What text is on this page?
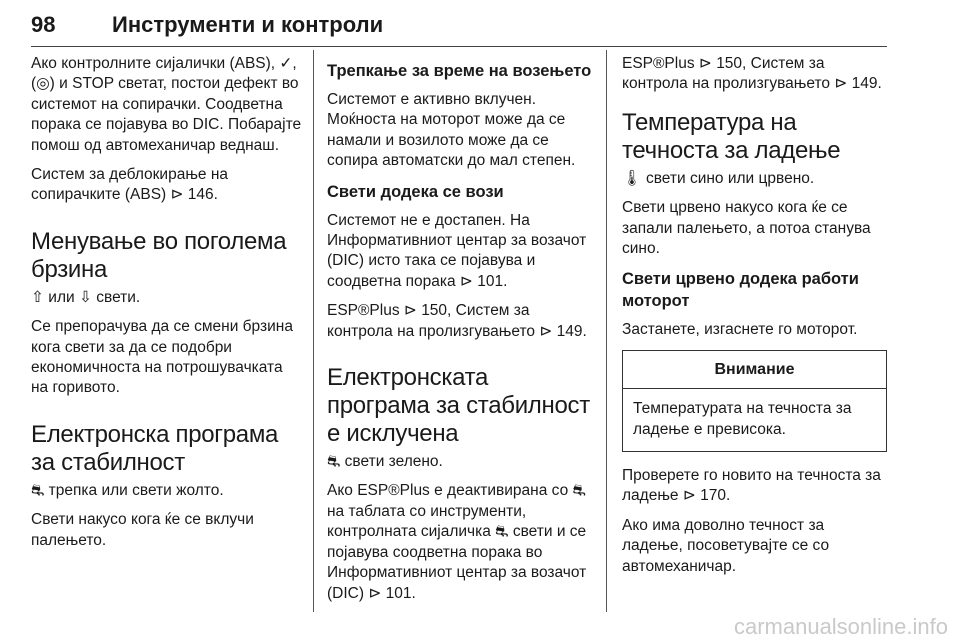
98	Инструменти и контроли

Ако контролните сијалички (ABS), ✓, (◎) и STOP светат, постои дефект во системот на сопирачки. Соодветна порака се појавува во DIC. Побарајте помош од автомеханичар веднаш.

Систем за деблокирање на сопирачките (ABS) ⊳ 146.

Менување во поголема брзина

⇧ или ⇩ свети.

Се препорачува да се смени брзина кога свети за да се подобри економичноста на потрошувачката на горивото.

Електронска програма за стабилност

⛐ трепка или свети жолто.

Свети накусо кога ќе се вклучи палењето.

Трепкање за време на возењето

Системот е активно вклучен. Моќноста на моторот може да се намали и возилото може да се сопира автоматски до мал степен.

Свети додека се вози

Системот не е достапен. На Информативниот центар за возачот (DIC) исто така се појавува и соодветна порака ⊳ 101.

ESP®Plus ⊳ 150, Систем за контрола на пролизгувањето ⊳ 149.

Електронската програма за стабилност е исклучена

⛐ свети зелено.

Ако ESP®Plus е деактивирана со ⛐ на таблата со инструменти, контролната сијаличка ⛐ свети и се појавува соодветна порака во Информативниот центар за возачот (DIC) ⊳ 101.

ESP®Plus ⊳ 150, Систем за контрола на пролизгувањето ⊳ 149.

Температура на течноста за ладење

🌡 свети сино или црвено.

Свети црвено накусо кога ќе се запали палењето, а потоа станува сино.

Свети црвено додека работи моторот

Застанете, изгаснете го моторот.

Внимание
Температурата на течноста за ладење е превисока.

Проверете го новито на течноста за ладење ⊳ 170.

Ако има доволно течност за ладење, посоветувајте се со автомеханичар.

carmanualsonline.info
